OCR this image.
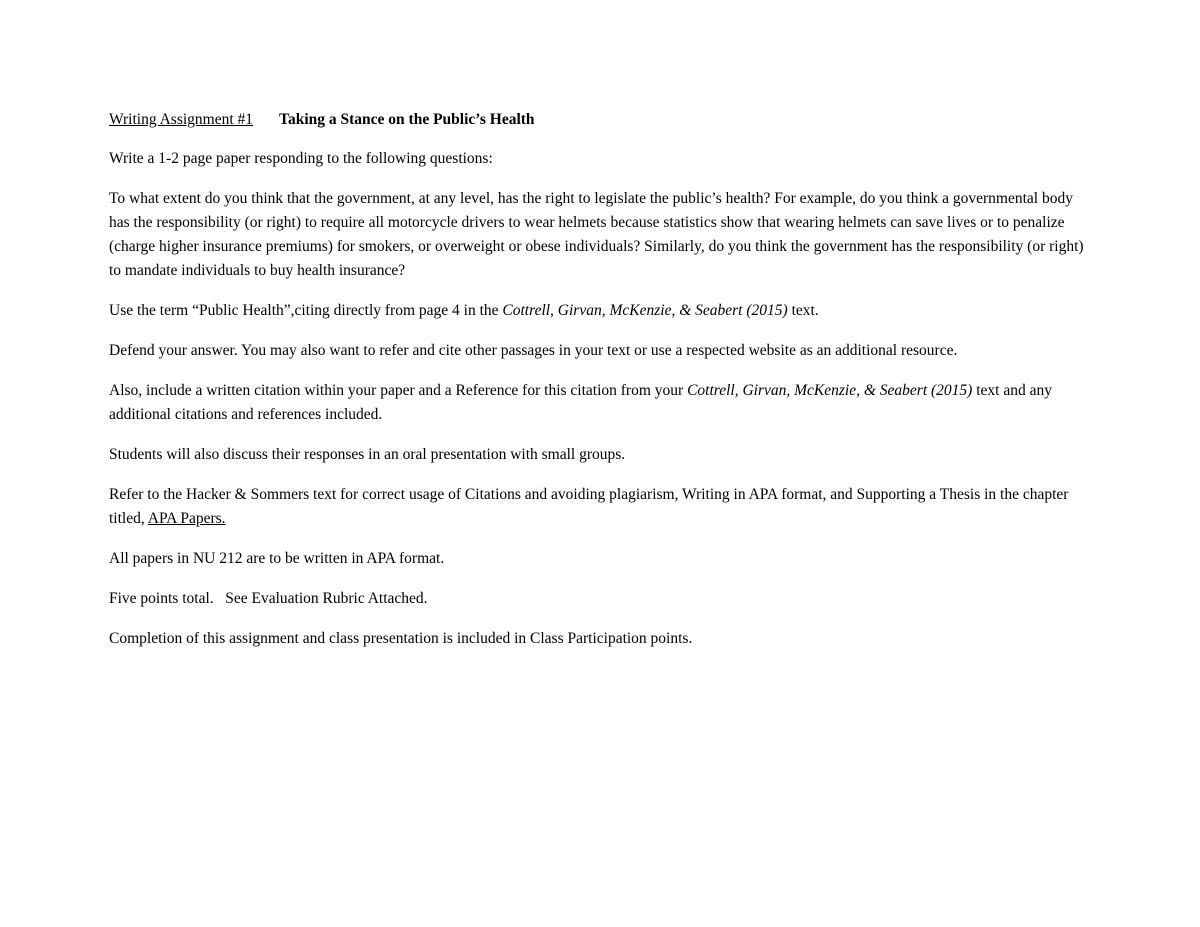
Writing Assignment #1 Taking a Stance on the Public’s Health

Write a 1-2 page paper responding to the following questions:

To what extent do you think that the government, at any level, has the right to legislate the public’s health? For example, do you think a governmental body has the responsibility (or right) to require all motorcycle drivers to wear helmets because statistics show that wearing helmets can save lives or to penalize (charge higher insurance premiums) for smokers, or overweight or obese individuals? Similarly, do you think the government has the responsibility (or right) to mandate individuals to buy health insurance?

Use the term “Public Health”,citing directly from page 4 in the Cottrell, Girvan, McKenzie, & Seabert (2015) text.

Defend your answer. You may also want to refer and cite other passages in your text or use a respected website as an additional resource.

Also, include a written citation within your paper and a Reference for this citation from your Cottrell, Girvan, McKenzie, & Seabert (2015) text and any additional citations and references included.

Students will also discuss their responses in an oral presentation with small groups.

Refer to the Hacker & Sommers text for correct usage of Citations and avoiding plagiarism, Writing in APA format, and Supporting a Thesis in the chapter titled, APA Papers.

All papers in NU 212 are to be written in APA format.

Five points total.   See Evaluation Rubric Attached.

Completion of this assignment and class presentation is included in Class Participation points.
